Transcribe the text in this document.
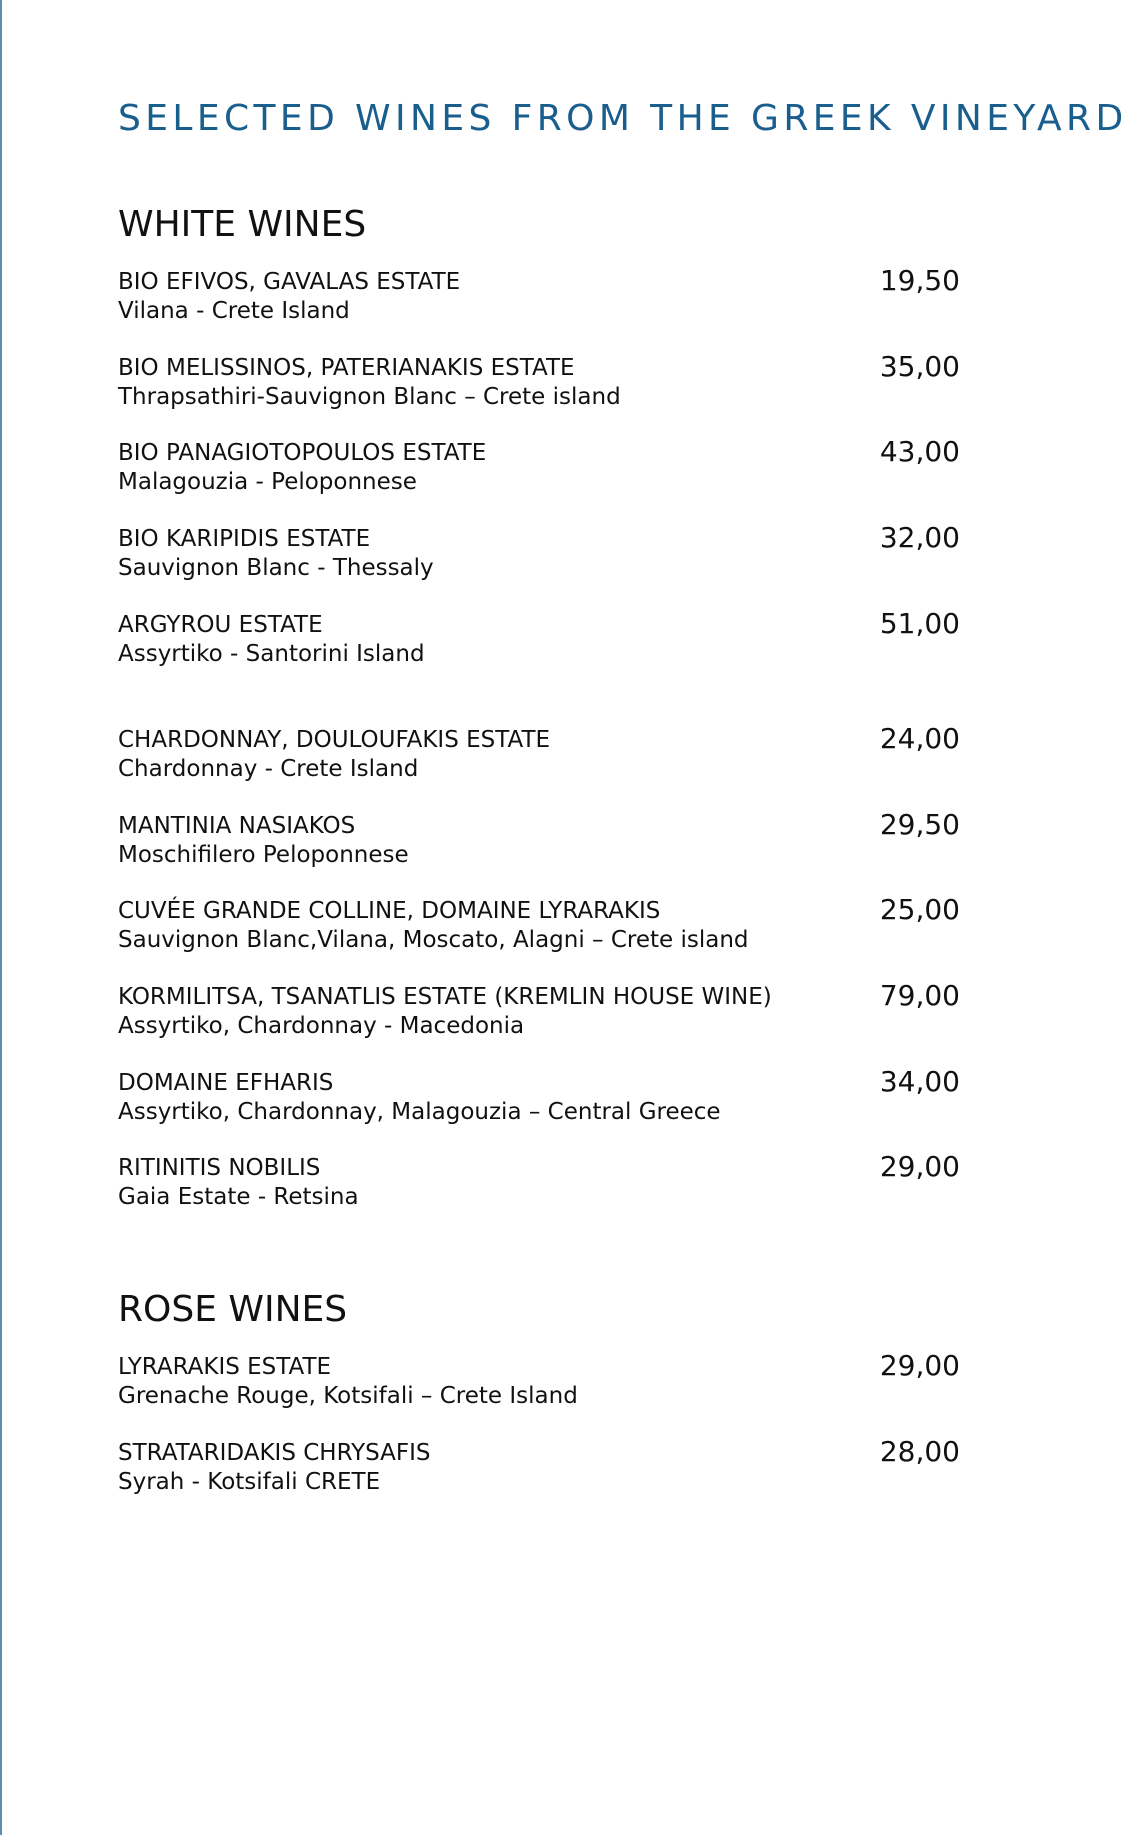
SELECTED WINES FROM THE GREEK VINEYARD
WHITE WINES
BIO EFIVOS, GAVALAS ESTATE
Vilana - Crete Island
19,50
BIO MELISSINOS, PATERIANAKIS ESTATE
Thrapsathiri-Sauvignon Blanc – Crete island
35,00
BIO PANAGIOTOPOULOS ESTATE
Malagouzia - Peloponnese
43,00
BIO KARIPIDIS ESTATE
Sauvignon Blanc - Thessaly
32,00
ARGYROU ESTATE
Assyrtiko - Santorini Island
51,00
CHARDONNAY, DOULOUFAKIS ESTATE
Chardonnay - Crete Island
24,00
MANTINIA NASIAKOS
Moschifilero Peloponnese
29,50
CUVÉE GRANDE COLLINE, DOMAINE LYRARAKIS
Sauvignon Blanc,Vilana, Moscato, Alagni – Crete island
25,00
KORMILITSA, TSANATLIS ESTATE (KREMLIN HOUSE WINE)
Assyrtiko, Chardonnay - Macedonia
79,00
DOMAINE EFHARIS
Assyrtiko, Chardonnay, Malagouzia – Central Greece
34,00
RITINITIS NOBILIS
Gaia Estate - Retsina
29,00
ROSE WINES
LYRARAKIS ESTATE
Grenache Rouge, Kotsifali – Crete Island
29,00
STRATARIDAKIS CHRYSAFIS
Syrah - Kotsifali CRETE
28,00
